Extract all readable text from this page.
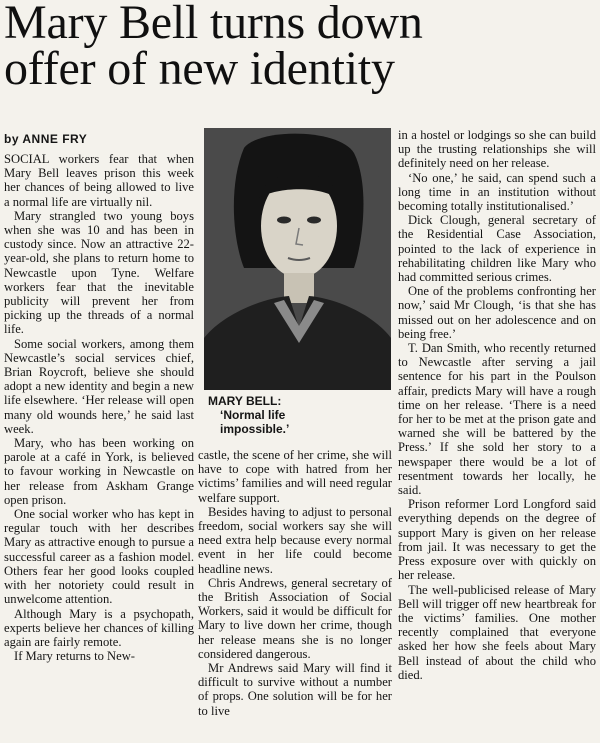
Mary Bell turns down
offer of new identity
by ANNE FRY

SOCIAL workers fear that when Mary Bell leaves prison this week her chances of being allowed to live a normal life are virtually nil.

Mary strangled two young boys when she was 10 and has been in custody since. Now an attractive 22-year-old, she plans to return home to Newcastle upon Tyne. Welfare workers fear that the inevitable publicity will prevent her from picking up the threads of a normal life.

Some social workers, among them Newcastle’s social services chief, Brian Roycroft, believe she should adopt a new identity and begin a new life elsewhere. ‘Her release will open many old wounds here,’ he said last week.

Mary, who has been working on parole at a café in York, is believed to favour working in Newcastle on her release from Askham Grange open prison.

One social worker who has kept in regular touch with her describes Mary as attractive enough to pursue a successful career as a fashion model. Others fear her good looks coupled with her notoriety could result in unwelcome attention.

Although Mary is a psychopath, experts believe her chances of killing again are fairly remote.

If Mary returns to New-

MARY BELL:
‘Normal life
impossible.’

castle, the scene of her crime, she will have to cope with hatred from her victims’ families and will need regular welfare support.

Besides having to adjust to personal freedom, social workers say she will need extra help because every normal event in her life could become headline news.

Chris Andrews, general secretary of the British Association of Social Workers, said it would be difficult for Mary to live down her crime, though her release means she is no longer considered dangerous.

Mr Andrews said Mary will find it difficult to survive without a number of props. One solution will be for her to live

in a hostel or lodgings so she can build up the trusting relationships she will definitely need on her release.

‘No one,’ he said, can spend such a long time in an institution without becoming totally institutionalised.’

Dick Clough, general secretary of the Residential Case Association, pointed to the lack of experience in rehabilitating children like Mary who had committed serious crimes.

One of the problems confronting her now,’ said Mr Clough, ‘is that she has missed out on her adolescence and on being free.’

T. Dan Smith, who recently returned to Newcastle after serving a jail sentence for his part in the Poulson affair, predicts Mary will have a rough time on her release. ‘There is a need for her to be met at the prison gate and warned she will be battered by the Press.’ If she sold her story to a newspaper there would be a lot of resentment towards her locally, he said.

Prison reformer Lord Longford said everything depends on the degree of support Mary is given on her release from jail. It was necessary to get the Press exposure over with quickly on her release.

The well-publicised release of Mary Bell will trigger off new heartbreak for the victims’ families. One mother recently complained that everyone asked her how she feels about Mary Bell instead of about the child who died.
